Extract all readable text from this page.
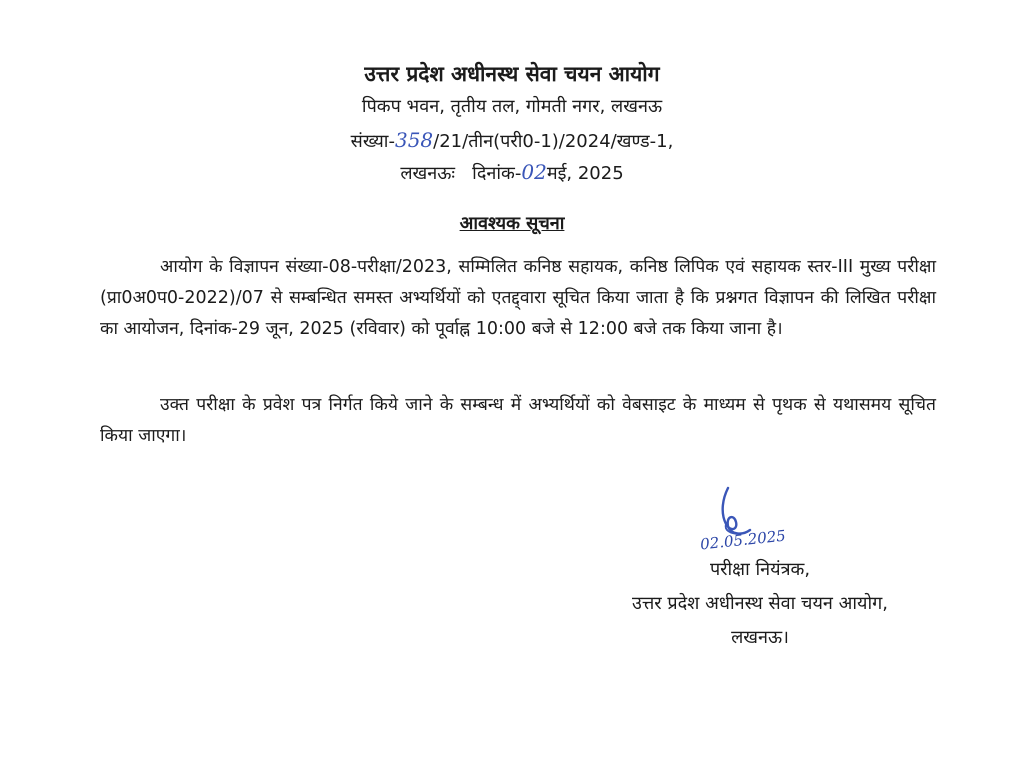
उत्तर प्रदेश अधीनस्थ सेवा चयन आयोग
पिकप भवन, तृतीय तल, गोमती नगर, लखनऊ
संख्या-358/21/तीन(परी0-1)/2024/खण्ड-1,
लखनऊः   दिनांक-02मई, 2025
आवश्यक सूचना

आयोग के विज्ञापन संख्या-08-परीक्षा/2023, सम्मिलित कनिष्ठ सहायक, कनिष्ठ लिपिक एवं सहायक स्तर-III मुख्य परीक्षा (प्रा0अ0प0-2022)/07 से सम्बन्धित समस्त अभ्यर्थियों को एतद्द्वारा सूचित किया जाता है कि प्रश्नगत विज्ञापन की लिखित परीक्षा का आयोजन, दिनांक-29 जून, 2025 (रविवार) को पूर्वाह्न 10:00 बजे से 12:00 बजे तक किया जाना है।

उक्त परीक्षा के प्रवेश पत्र निर्गत किये जाने के सम्बन्ध में अभ्यर्थियों को वेबसाइट के माध्यम से पृथक से यथासमय सूचित किया जाएगा।

02.05.2025
परीक्षा नियंत्रक,
उत्तर प्रदेश अधीनस्थ सेवा चयन आयोग,
लखनऊ।
